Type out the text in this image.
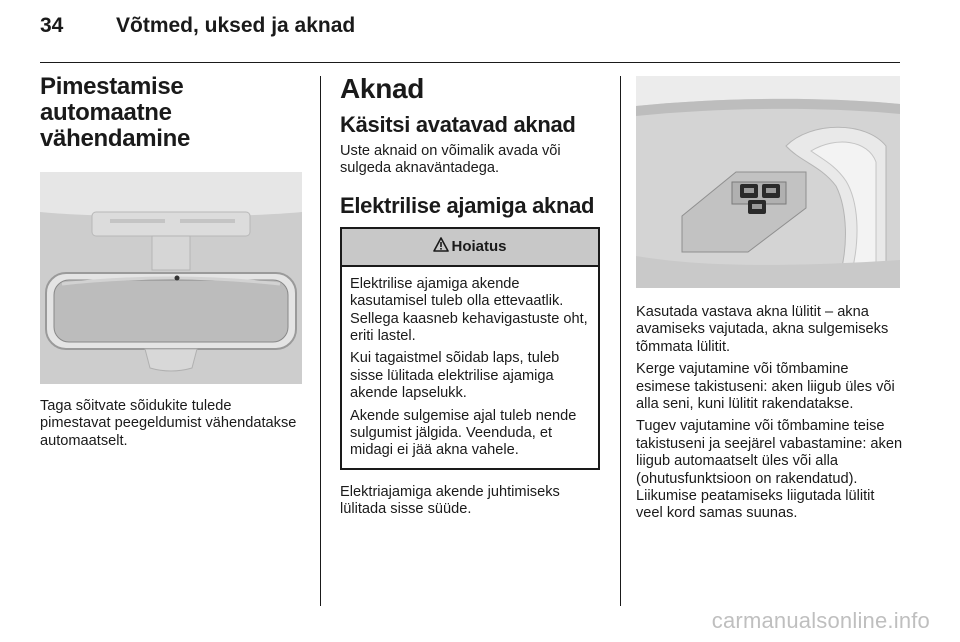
34	Võtmed, uksed ja aknad
Pimestamise automaatne vähendamine

Taga sõitvate sõidukite tulede pimestavat peegeldumist vähendatakse automaatselt.

Aknad
Käsitsi avatavad aknad

Uste aknaid on võimalik avada või sulgeda aknaväntadega.

Elektrilise ajamiga aknad
Hoiatus

Elektrilise ajamiga akende kasutamisel tuleb olla ettevaatlik. Sellega kaasneb kehavigastuste oht, eriti lastel.

Kui tagaistmel sõidab laps, tuleb sisse lülitada elektrilise ajamiga akende lapselukk.

Akende sulgemise ajal tuleb nende sulgumist jälgida. Veenduda, et midagi ei jää akna vahele.

Elektriajamiga akende juhtimiseks lülitada sisse süüde.

Kasutada vastava akna lülitit – akna avamiseks vajutada, akna sulgemiseks tõmmata lülitit.

Kerge vajutamine või tõmbamine esimese takistuseni: aken liigub üles või alla seni, kuni lülitit rakendatakse.

Tugev vajutamine või tõmbamine teise takistuseni ja seejärel vabastamine: aken liigub automaatselt üles või alla (ohutusfunktsioon on rakendatud). Liikumise peatamiseks liigutada lülitit veel kord samas suunas.

carmanualsonline.info
